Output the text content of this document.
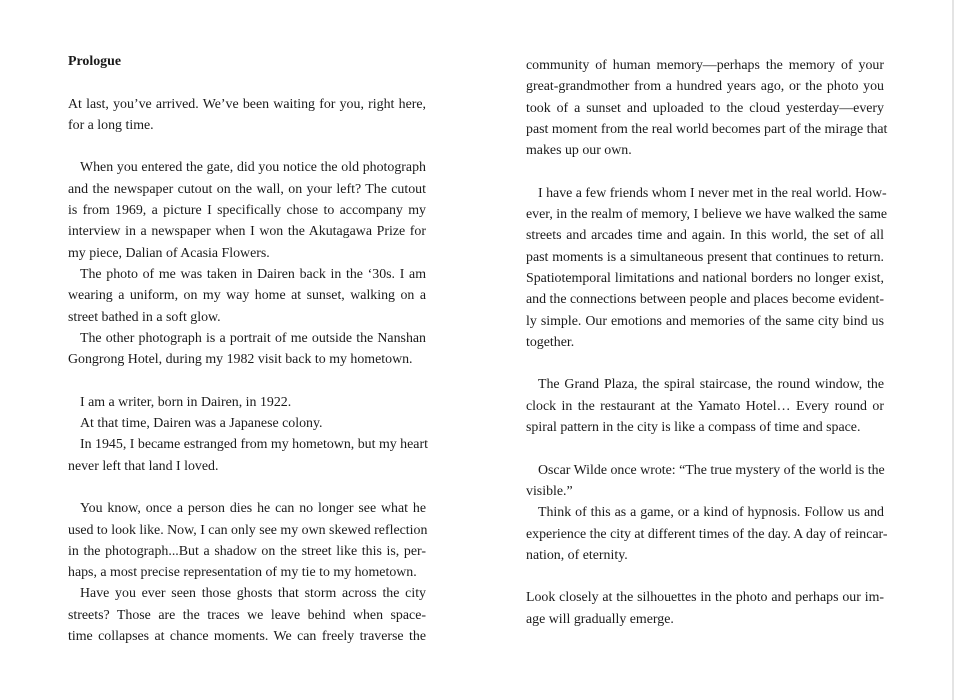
Prologue
At last, you’ve arrived. We’ve been waiting for you, right here,
for a long time.
When you entered the gate, did you notice the old photograph
and the newspaper cutout on the wall, on your left? The cutout
is from 1969, a picture I specifically chose to accompany my
interview in a newspaper when I won the Akutagawa Prize for
my piece, Dalian of Acasia Flowers.
The photo of me was taken in Dairen back in the ‘30s. I am
wearing a uniform, on my way home at sunset, walking on a
street bathed in a soft glow.
The other photograph is a portrait of me outside the Nanshan
Gongrong Hotel, during my 1982 visit back to my hometown.
I am a writer, born in Dairen, in 1922.
At that time, Dairen was a Japanese colony.
In 1945, I became estranged from my hometown, but my heart
never left that land I loved.
You know, once a person dies he can no longer see what he
used to look like. Now, I can only see my own skewed reflection
in the photograph...But a shadow on the street like this is, per-
haps, a most precise representation of my tie to my hometown.
Have you ever seen those ghosts that storm across the city
streets? Those are the traces we leave behind when space-
time collapses at chance moments. We can freely traverse the
community of human memory—perhaps the memory of your
great-grandmother from a hundred years ago, or the photo you
took of a sunset and uploaded to the cloud yesterday—every
past moment from the real world becomes part of the mirage that
makes up our own.
I have a few friends whom I never met in the real world. How-
ever, in the realm of memory, I believe we have walked the same
streets and arcades time and again. In this world, the set of all
past moments is a simultaneous present that continues to return.
Spatiotemporal limitations and national borders no longer exist,
and the connections between people and places become evident-
ly simple. Our emotions and memories of the same city bind us
together.
The Grand Plaza, the spiral staircase, the round window, the
clock in the restaurant at the Yamato Hotel… Every round or
spiral pattern in the city is like a compass of time and space.
Oscar Wilde once wrote: “The true mystery of the world is the
visible.”
Think of this as a game, or a kind of hypnosis. Follow us and
experience the city at different times of the day. A day of reincar-
nation, of eternity.
Look closely at the silhouettes in the photo and perhaps our im-
age will gradually emerge.
